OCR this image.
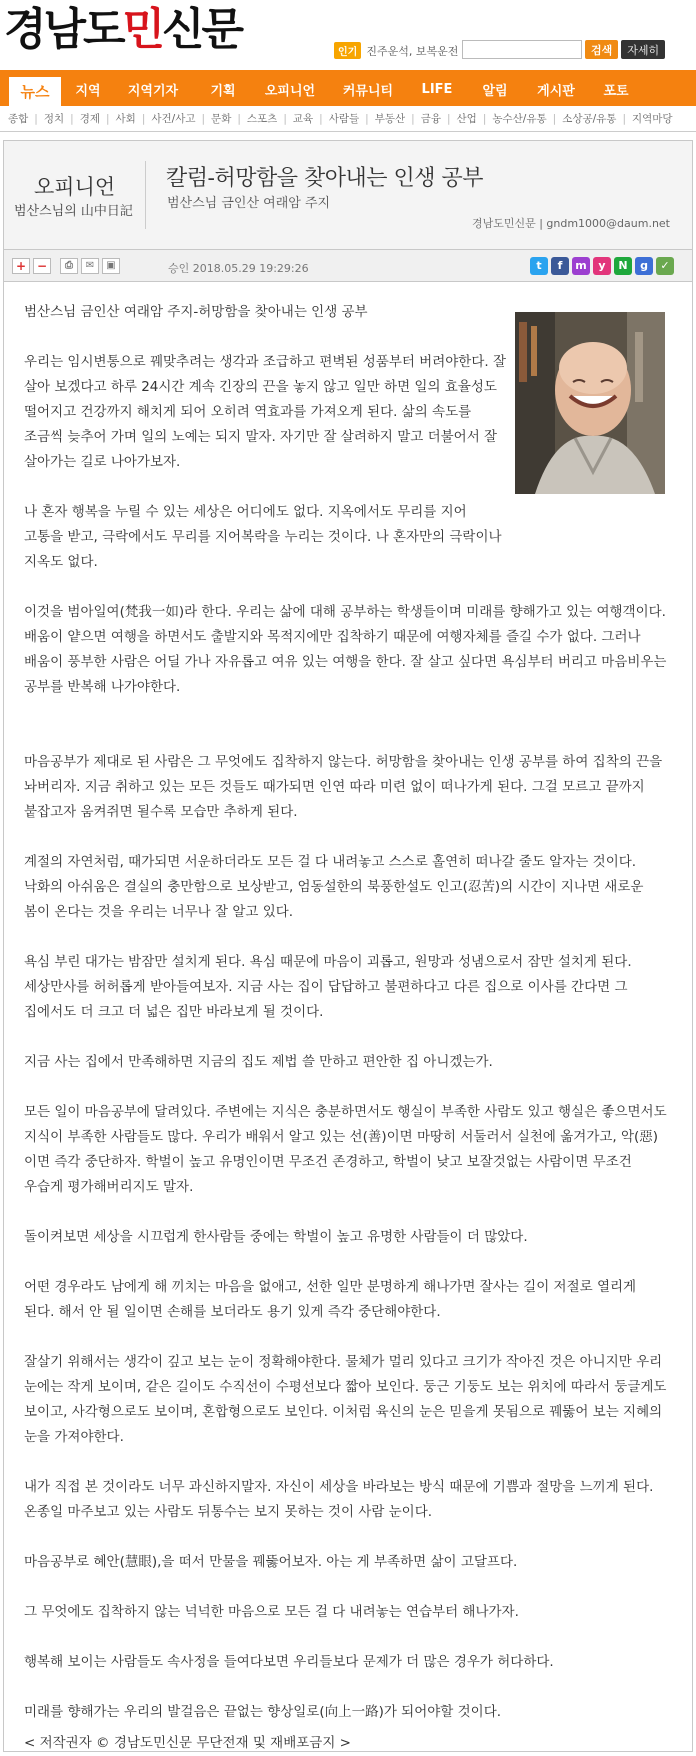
경남도민신문	인기 진주운석, 보복운전	검색	자세히
뉴스	지역	지역기자	기획	오피니언	커뮤니티	LIFE	알림	게시판	포토
종합 | 정치 | 경제 | 사회 | 사건/사고 | 문화 | 스포츠 | 교육 | 사람들 | 부동산 | 금융 | 산업 | 농수산/유통 | 소상공/유통 | 지역마당
오피니언
범산스님의 山中日記
칼럼-허망함을 찾아내는 인생 공부
범산스님 금인산 여래암 주지
경남도민신문 | gndm1000@daum.net
+ −	⎙	✉	▣	승인 2018.05.29 19:29:26	t	f	m	y	N	g	✓

범산스님 금인산 여래암 주지-허망함을 찾아내는 인생 공부

우리는 임시변통으로 꿰맞추려는 생각과 조급하고 편벽된 성품부터 버려야한다. 잘 살아 보겠다고 하루 24시간 계속 긴장의 끈을 놓지 않고 일만 하면 일의 효율성도 떨어지고 건강까지 해치게 되어 오히려 역효과를 가져오게 된다. 삶의 속도를 조금씩 늦추어 가며 일의 노예는 되지 말자. 자기만 잘 살려하지 말고 더불어서 잘 살아가는 길로 나아가보자.

나 혼자 행복을 누릴 수 있는 세상은 어디에도 없다. 지옥에서도 무리를 지어 고통을 받고, 극락에서도 무리를 지어복락을 누리는 것이다. 나 혼자만의 극락이나 지옥도 없다.

이것을 범아일여(梵我一如)라 한다. 우리는 삶에 대해 공부하는 학생들이며 미래를 향해가고 있는 여행객이다. 배움이 얕으면 여행을 하면서도 출발지와 목적지에만 집착하기 때문에 여행자체를 즐길 수가 없다. 그러나 배움이 풍부한 사람은 어딜 가나 자유롭고 여유 있는 여행을 한다. 잘 살고 싶다면 욕심부터 버리고 마음비우는 공부를 반복해 나가야한다.

마음공부가 제대로 된 사람은 그 무엇에도 집착하지 않는다. 허망함을 찾아내는 인생 공부를 하여 집착의 끈을 놔버리자. 지금 취하고 있는 모든 것들도 때가되면 인연 따라 미련 없이 떠나가게 된다. 그걸 모르고 끝까지 붙잡고자 움켜쥐면 될수록 모습만 추하게 된다.

계절의 자연처럼, 때가되면 서운하더라도 모든 걸 다 내려놓고 스스로 홀연히 떠나갈 줄도 알자는 것이다. 낙화의 아쉬움은 결실의 충만함으로 보상받고, 엄동설한의 북풍한설도 인고(忍苦)의 시간이 지나면 새로운 봄이 온다는 것을 우리는 너무나 잘 알고 있다.

욕심 부린 대가는 밤잠만 설치게 된다. 욕심 때문에 마음이 괴롭고, 원망과 성냄으로서 잠만 설치게 된다. 세상만사를 허허롭게 받아들여보자. 지금 사는 집이 답답하고 불편하다고 다른 집으로 이사를 간다면 그 집에서도 더 크고 더 넓은 집만 바라보게 될 것이다.

지금 사는 집에서 만족해하면 지금의 집도 제법 쓸 만하고 편안한 집 아니겠는가.

모든 일이 마음공부에 달려있다. 주변에는 지식은 충분하면서도 행실이 부족한 사람도 있고 행실은 좋으면서도 지식이 부족한 사람들도 많다. 우리가 배워서 알고 있는 선(善)이면 마땅히 서둘러서 실천에 옮겨가고, 악(惡)이면 즉각 중단하자. 학벌이 높고 유명인이면 무조건 존경하고, 학벌이 낮고 보잘것없는 사람이면 무조건 우습게 평가해버리지도 말자.

돌이켜보면 세상을 시끄럽게 한사람들 중에는 학벌이 높고 유명한 사람들이 더 많았다.

어떤 경우라도 남에게 해 끼치는 마음을 없애고, 선한 일만 분명하게 해나가면 잘사는 길이 저절로 열리게 된다. 해서 안 될 일이면 손해를 보더라도 용기 있게 즉각 중단해야한다.

잘살기 위해서는 생각이 깊고 보는 눈이 정확해야한다. 물체가 멀리 있다고 크기가 작아진 것은 아니지만 우리 눈에는 작게 보이며, 같은 길이도 수직선이 수평선보다 짧아 보인다. 둥근 기둥도 보는 위치에 따라서 둥글게도 보이고, 사각형으로도 보이며, 혼합형으로도 보인다. 이처럼 육신의 눈은 믿을게 못됨으로 꿰뚫어 보는 지혜의 눈을 가져야한다.

내가 직접 본 것이라도 너무 과신하지말자. 자신이 세상을 바라보는 방식 때문에 기쁨과 절망을 느끼게 된다. 온종일 마주보고 있는 사람도 뒤통수는 보지 못하는 것이 사람 눈이다.

마음공부로 혜안(慧眼),을 떠서 만물을 꿰뚫어보자. 아는 게 부족하면 삶이 고달프다.

그 무엇에도 집착하지 않는 넉넉한 마음으로 모든 걸 다 내려놓는 연습부터 해나가자.

행복해 보이는 사람들도 속사정을 들여다보면 우리들보다 문제가 더 많은 경우가 허다하다.

미래를 향해가는 우리의 발걸음은 끝없는 향상일로(向上一路)가 되어야할 것이다.

< 저작권자 © 경남도민신문 무단전재 및 재배포금지 >
